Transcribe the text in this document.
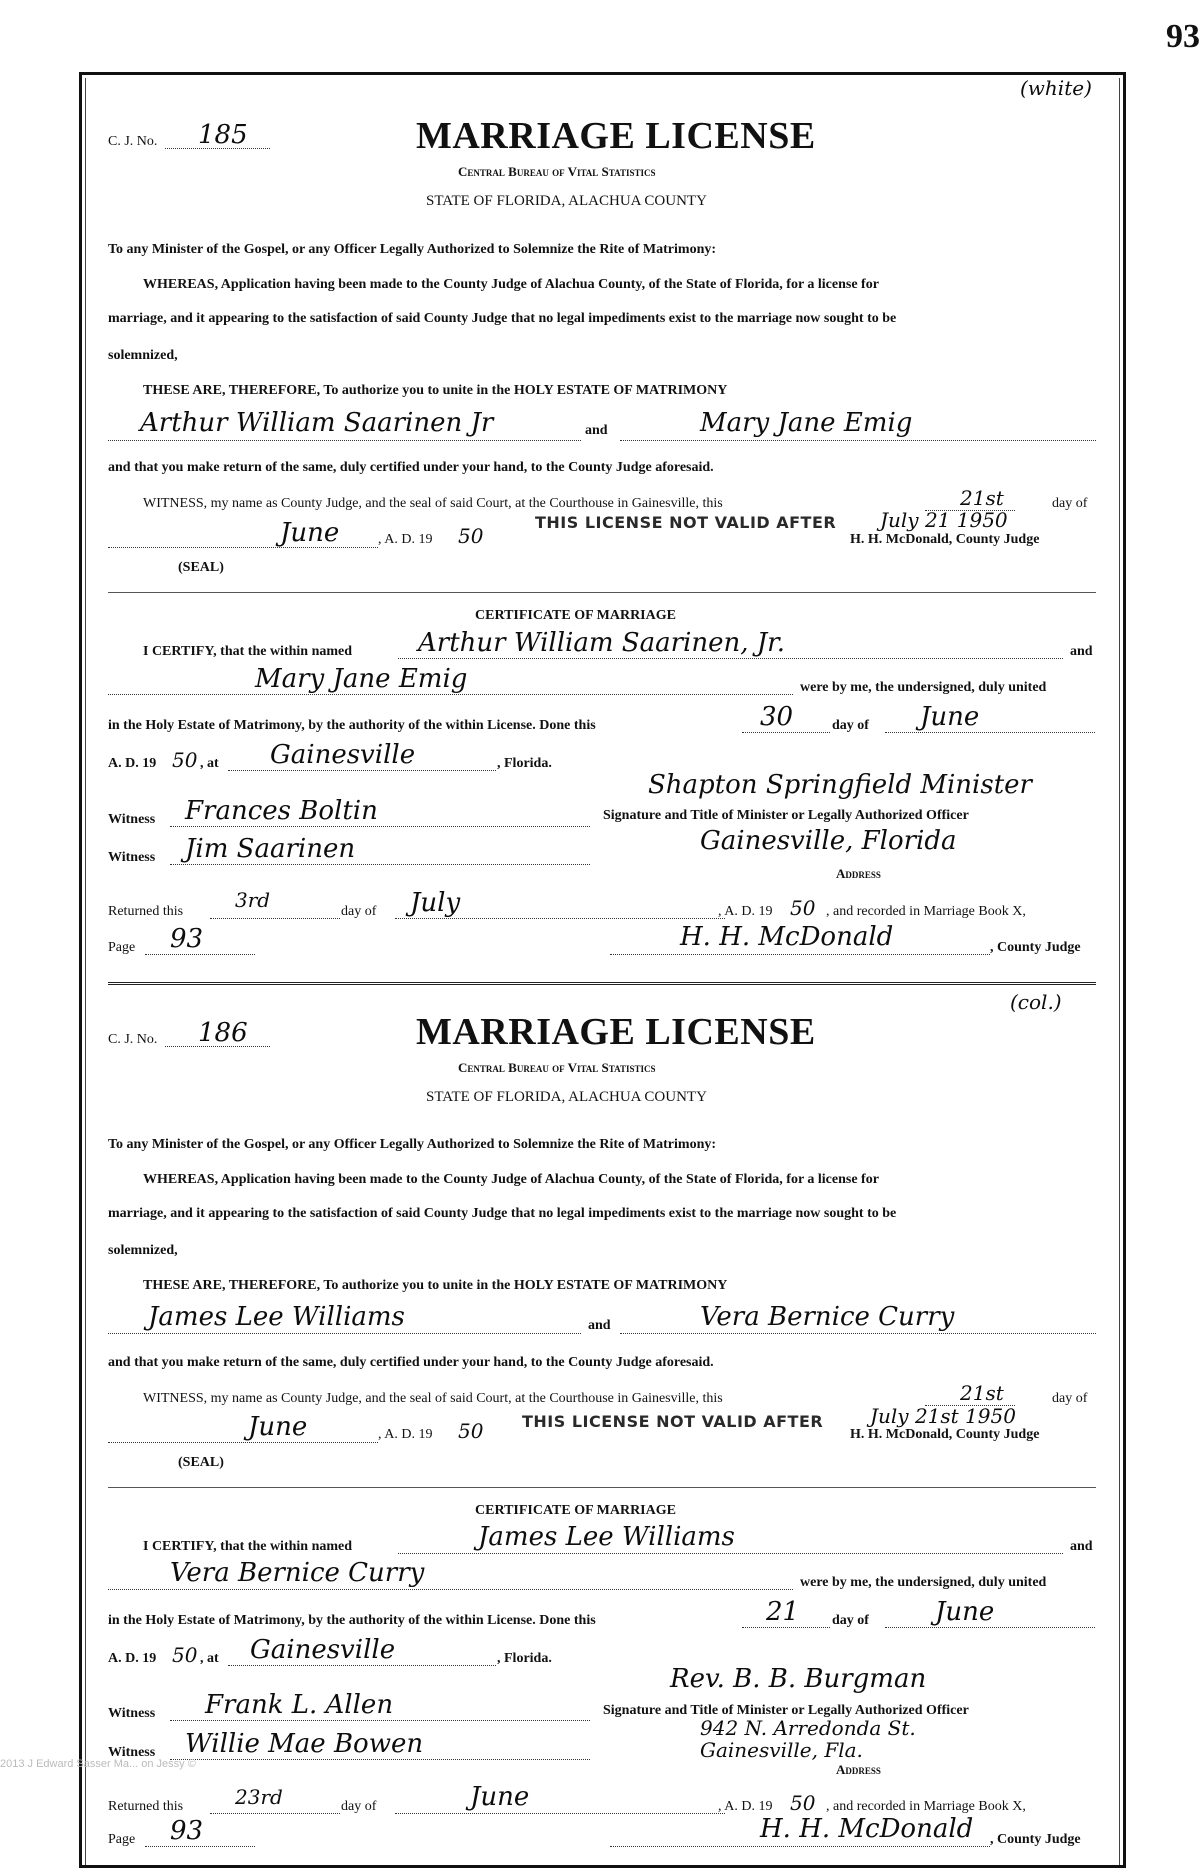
93
(white)
C. J. No. 185	MARRIAGE LICENSE
Central Bureau of Vital Statistics
STATE OF FLORIDA, ALACHUA COUNTY
To any Minister of the Gospel, or any Officer Legally Authorized to Solemnize the Rite of Matrimony:
WHEREAS, Application having been made to the County Judge of Alachua County, of the State of Florida, for a license for
marriage, and it appearing to the satisfaction of said County Judge that no legal impediments exist to the marriage now sought to be
solemnized,
THESE ARE, THEREFORE, To authorize you to unite in the HOLY ESTATE OF MATRIMONY
Arthur William Saarinen Jr	and	Mary Jane Emig
and that you make return of the same, duly certified under your hand, to the County Judge aforesaid.
WITNESS, my name as County Judge, and the seal of said Court, at the Courthouse in Gainesville, this	21st	day of
THIS LICENSE NOT VALID AFTER July 21 1950
June	, A. D. 19 50	H. H. McDonald, County Judge
(SEAL)
CERTIFICATE OF MARRIAGE
I CERTIFY, that the within named	Arthur William Saarinen, Jr.	and
Mary Jane Emig	were by me, the undersigned, duly united
in the Holy Estate of Matrimony, by the authority of the within License. Done this	30	day of June
A. D. 19 50 , at Gainesville	, Florida.
Shapton Springfield Minister
Witness Frances Boltin	Signature and Title of Minister or Legally Authorized Officer
Witness Jim Saarinen	Gainesville, Florida
Address
Returned this	3rd	day of July	, A. D. 19 50 , and recorded in Marriage Book X,
Page 93	H. H. McDonald	, County Judge
(col.)
C. J. No. 186	MARRIAGE LICENSE
Central Bureau of Vital Statistics
STATE OF FLORIDA, ALACHUA COUNTY
To any Minister of the Gospel, or any Officer Legally Authorized to Solemnize the Rite of Matrimony:
WHEREAS, Application having been made to the County Judge of Alachua County, of the State of Florida, for a license for
marriage, and it appearing to the satisfaction of said County Judge that no legal impediments exist to the marriage now sought to be
solemnized,
THESE ARE, THEREFORE, To authorize you to unite in the HOLY ESTATE OF MATRIMONY
James Lee Williams	and	Vera Bernice Curry
and that you make return of the same, duly certified under your hand, to the County Judge aforesaid.
WITNESS, my name as County Judge, and the seal of said Court, at the Courthouse in Gainesville, this	21st	day of
THIS LICENSE NOT VALID AFTER July 21st 1950
June	, A. D. 19 50	H. H. McDonald, County Judge
(SEAL)
CERTIFICATE OF MARRIAGE
I CERTIFY, that the within named	James Lee Williams	and
Vera Bernice Curry	were by me, the undersigned, duly united
in the Holy Estate of Matrimony, by the authority of the within License. Done this	21 day of	June
A. D. 19 50 , at Gainesville	, Florida.
Rev. B. B. Burgman
Witness Frank L. Allen	Signature and Title of Minister or Legally Authorized Officer
Witness Willie Mae Bowen
942 N. Arredonda St.
Gainesville, Fla.
Address
Returned this	23rd	day of	June	, A. D. 19 50 , and recorded in Marriage Book X,
Page 93	H. H. McDonald , County Judge
2013 J Edward Sasser Ma... on Jessy ©
